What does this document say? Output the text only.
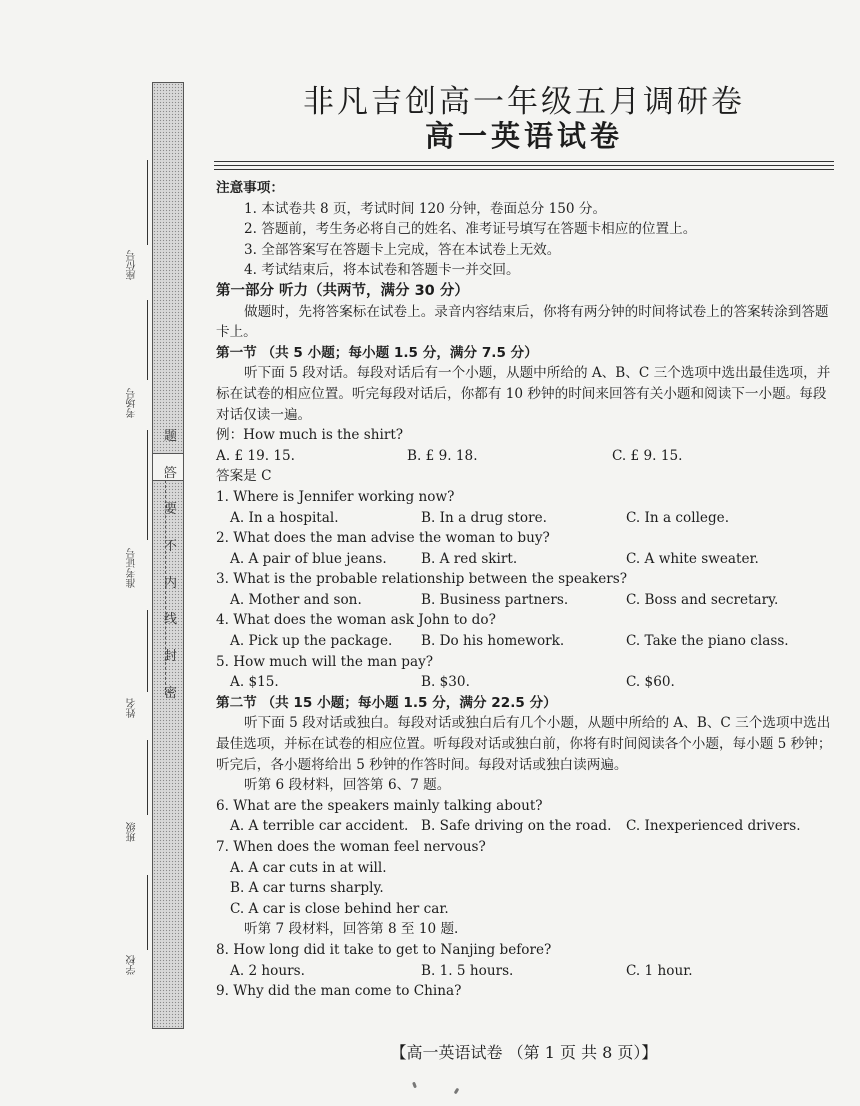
座位号
考场号
准考证号
姓名
班级
学校
题
答
要
不
内
线
封
密
非凡吉创高一年级五月调研卷
高一英语试卷

注意事项：

1. 本试卷共 8 页，考试时间 120 分钟，卷面总分 150 分。

2. 答题前，考生务必将自己的姓名、准考证号填写在答题卡相应的位置上。

3. 全部答案写在答题卡上完成，答在本试卷上无效。

4. 考试结束后，将本试卷和答题卡一并交回。

第一部分 听力（共两节，满分 30 分）

做题时，先将答案标在试卷上。录音内容结束后，你将有两分钟的时间将试卷上的答案转涂到答题卡上。

第一节 （共 5 小题；每小题 1.5 分，满分 7.5 分）

听下面 5 段对话。每段对话后有一个小题，从题中所给的 A、B、C 三个选项中选出最佳选项，并标在试卷的相应位置。听完每段对话后，你都有 10 秒钟的时间来回答有关小题和阅读下一小题。每段对话仅读一遍。

例：How much is the shirt?

A. £ 19. 15.	B. £ 9. 18.	C. £ 9. 15.

答案是 C

1. Where is Jennifer working now?

A. In a hospital.	B. In a drug store.	C. In a college.

2. What does the man advise the woman to buy?

A. A pair of blue jeans.	B. A red skirt.	C. A white sweater.

3. What is the probable relationship between the speakers?

A. Mother and son.	B. Business partners.	C. Boss and secretary.

4. What does the woman ask John to do?

A. Pick up the package.	B. Do his homework.	C. Take the piano class.

5. How much will the man pay?

A. $15.	B. $30.	C. $60.

第二节 （共 15 小题；每小题 1.5 分，满分 22.5 分）

听下面 5 段对话或独白。每段对话或独白后有几个小题，从题中所给的 A、B、C 三个选项中选出最佳选项，并标在试卷的相应位置。听每段对话或独白前，你将有时间阅读各个小题，每小题 5 秒钟；听完后，各小题将给出 5 秒钟的作答时间。每段对话或独白读两遍。

听第 6 段材料，回答第 6、7 题。

6. What are the speakers mainly talking about?

A. A terrible car accident. B. Safe driving on the road.	C. Inexperienced drivers.

7. When does the woman feel nervous?

A. A car cuts in at will.

B. A car turns sharply.

C. A car is close behind her car.

听第 7 段材料，回答第 8 至 10 题.

8. How long did it take to get to Nanjing before?

A. 2 hours.	B. 1. 5 hours.	C. 1 hour.

9. Why did the man come to China?

【高一英语试卷 （第 1 页 共 8 页）】
